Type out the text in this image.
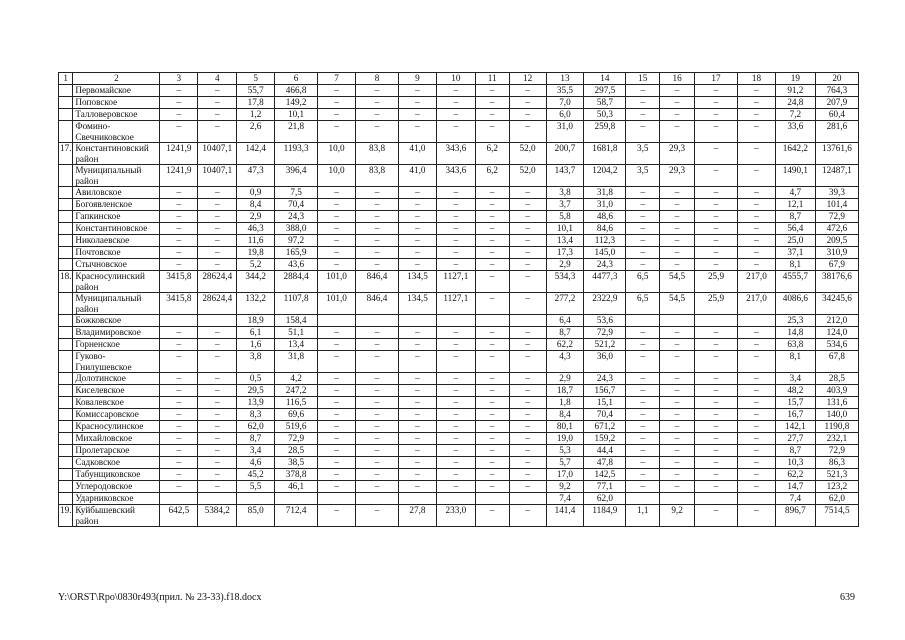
1	2	3	4	5	6	7	8	9	10	11	12	13	14	15	16	17	18	19	20
	Первомайское	–	–	55,7	466,8	–	–	–	–	–	–	35,5	297,5	–	–	–	–	91,2	764,3
	Поповское	–	–	17,8	149,2	–	–	–	–	–	–	7,0	58,7	–	–	–	–	24,8	207,9
	Талловеровское	–	–	1,2	10,1	–	–	–	–	–	–	6,0	50,3	–	–	–	–	7,2	60,4
	Фомино-Свечниковское	–	–	2,6	21,8	–	–	–	–	–	–	31,0	259,8	–	–	–	–	33,6	281,6
17.	Константиновский район	1241,9	10407,1	142,4	1193,3	10,0	83,8	41,0	343,6	6,2	52,0	200,7	1681,8	3,5	29,3	–	–	1642,2	13761,6
	Муниципальный район	1241,9	10407,1	47,3	396,4	10,0	83,8	41,0	343,6	6,2	52,0	143,7	1204,2	3,5	29,3	–	–	1490,1	12487,1
	Авиловское	–	–	0,9	7,5	–	–	–	–	–	–	3,8	31,8	–	–	–	–	4,7	39,3
	Богоявленское	–	–	8,4	70,4	–	–	–	–	–	–	3,7	31,0	–	–	–	–	12,1	101,4
	Гапкинское	–	–	2,9	24,3	–	–	–	–	–	–	5,8	48,6	–	–	–	–	8,7	72,9
	Константиновское	–	–	46,3	388,0	–	–	–	–	–	–	10,1	84,6	–	–	–	–	56,4	472,6
	Николаевское	–	–	11,6	97,2	–	–	–	–	–	–	13,4	112,3	–	–	–	–	25,0	209,5
	Почтовское	–	–	19,8	165,9	–	–	–	–	–	–	17,3	145,0	–	–	–	–	37,1	310,9
	Стычновское	–	–	5,2	43,6	–	–	–	–	–	–	2,9	24,3	–	–	–	–	8,1	67,9
18.	Красносулинский район	3415,8	28624,4	344,2	2884,4	101,0	846,4	134,5	1127,1	–	–	534,3	4477,3	6,5	54,5	25,9	217,0	4555,7	38176,6
	Муниципальный район	3415,8	28624,4	132,2	1107,8	101,0	846,4	134,5	1127,1	–	–	277,2	2322,9	6,5	54,5	25,9	217,0	4086,6	34245,6
	Божковское			18,9	158,4							6,4	53,6					25,3	212,0
	Владимировское	–	–	6,1	51,1	–	–	–	–	–	–	8,7	72,9	–	–	–	–	14,8	124,0
	Горненское	–	–	1,6	13,4	–	–	–	–	–	–	62,2	521,2	–	–	–	–	63,8	534,6
	Гуково-Гнилушевское	–	–	3,8	31,8	–	–	–	–	–	–	4,3	36,0	–	–	–	–	8,1	67,8
	Долотинское	–	–	0,5	4,2	–	–	–	–	–	–	2,9	24,3	–	–	–	–	3,4	28,5
	Киселевское	–	–	29,5	247,2	–	–	–	–	–	–	18,7	156,7	–	–	–	–	48,2	403,9
	Ковалевское	–	–	13,9	116,5	–	–	–	–	–	–	1,8	15,1	–	–	–	–	15,7	131,6
	Комиссаровское	–	–	8,3	69,6	–	–	–	–	–	–	8,4	70,4	–	–	–	–	16,7	140,0
	Красносулинское	–	–	62,0	519,6	–	–	–	–	–	–	80,1	671,2	–	–	–	–	142,1	1190,8
	Михайловское	–	–	8,7	72,9	–	–	–	–	–	–	19,0	159,2	–	–	–	–	27,7	232,1
	Пролетарское	–	–	3,4	28,5	–	–	–	–	–	–	5,3	44,4	–	–	–	–	8,7	72,9
	Садковское	–	–	4,6	38,5	–	–	–	–	–	–	5,7	47,8	–	–	–	–	10,3	86,3
	Табунщиковское	–	–	45,2	378,8	–	–	–	–	–	–	17,0	142,5	–	–	–	–	62,2	521,3
	Углеродовское	–	–	5,5	46,1	–	–	–	–	–	–	9,2	77,1	–	–	–	–	14,7	123,2
	Ударниковское											7,4	62,0					7,4	62,0
19.	Куйбышевский район	642,5	5384,2	85,0	712,4	–	–	27,8	233,0	–	–	141,4	1184,9	1,1	9,2	–	–	896,7	7514,5
Y:\ORST\Rpo\0830r493(прил. № 23-33).f18.docx	639
